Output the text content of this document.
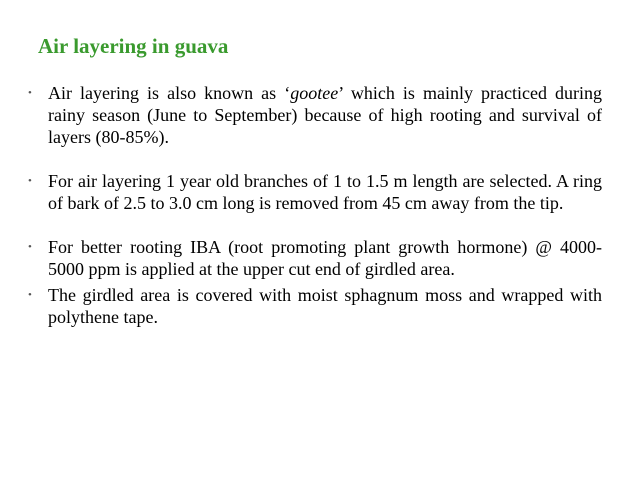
Air layering in guava
• Air layering is also known as ‘gootee’ which is mainly practiced during rainy season (June to September) because of high rooting and survival of layers (80-85%).
• For air layering 1 year old branches of 1 to 1.5 m length are selected. A ring of bark of 2.5 to 3.0 cm long is removed from 45 cm away from the tip.
• For better rooting IBA (root promoting plant growth hormone) @ 4000-5000 ppm is applied at the upper cut end of girdled area.
• The girdled area is covered with moist sphagnum moss and wrapped with polythene tape.
